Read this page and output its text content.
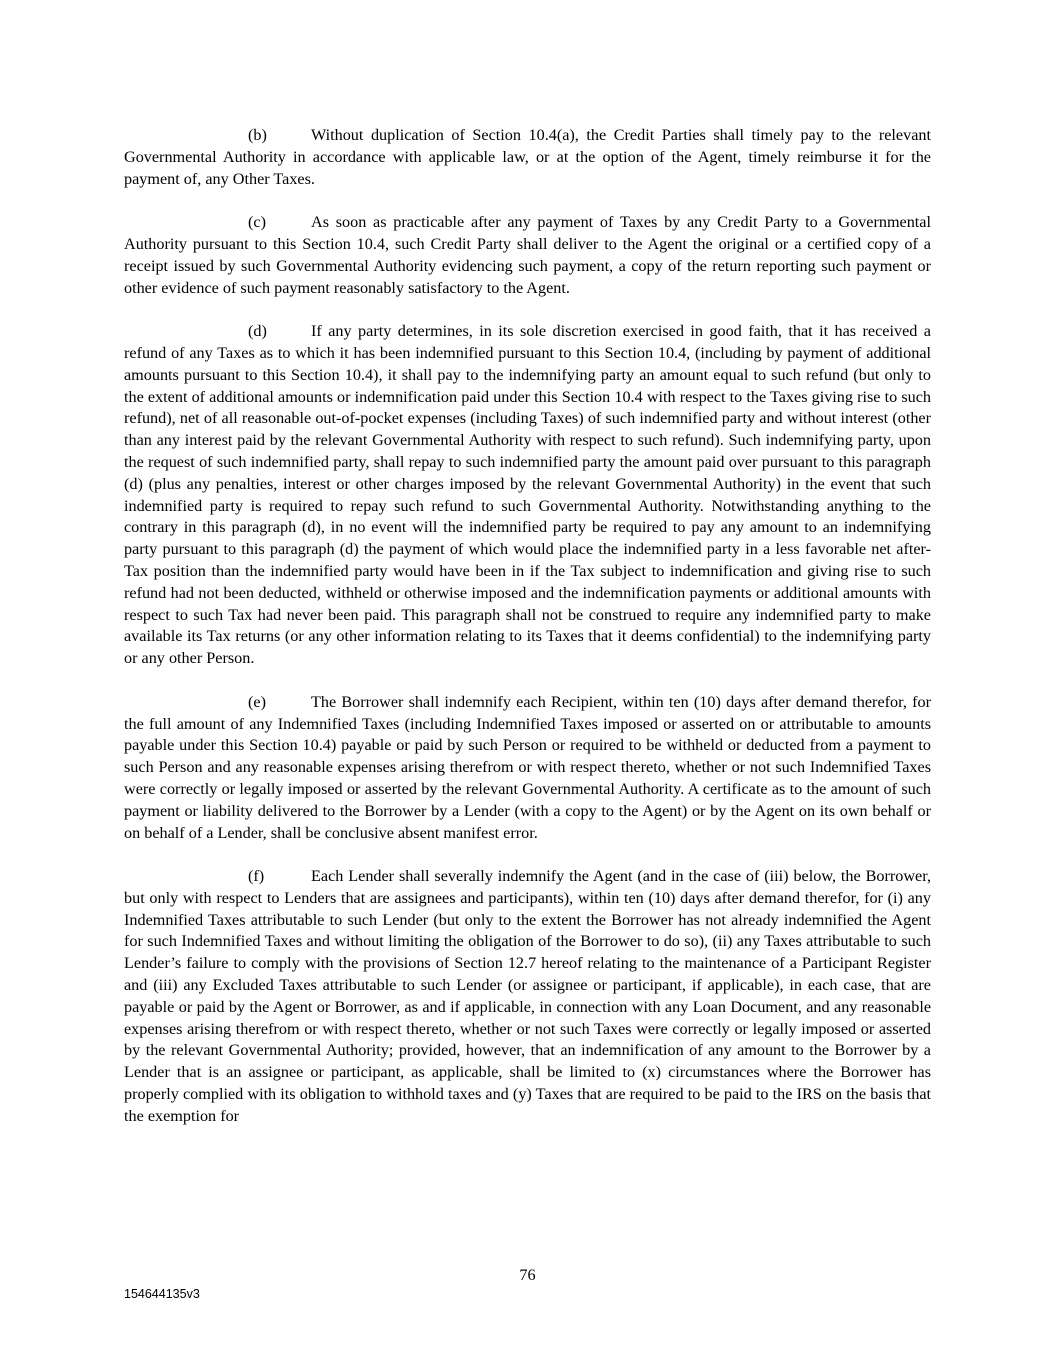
(b)	Without duplication of Section 10.4(a), the Credit Parties shall timely pay to the relevant Governmental Authority in accordance with applicable law, or at the option of the Agent, timely reimburse it for the payment of, any Other Taxes.

(c)	As soon as practicable after any payment of Taxes by any Credit Party to a Governmental Authority pursuant to this Section 10.4, such Credit Party shall deliver to the Agent the original or a certified copy of a receipt issued by such Governmental Authority evidencing such payment, a copy of the return reporting such payment or other evidence of such payment reasonably satisfactory to the Agent.

(d)	If any party determines, in its sole discretion exercised in good faith, that it has received a refund of any Taxes as to which it has been indemnified pursuant to this Section 10.4, (including by payment of additional amounts pursuant to this Section 10.4), it shall pay to the indemnifying party an amount equal to such refund (but only to the extent of additional amounts or indemnification paid under this Section 10.4 with respect to the Taxes giving rise to such refund), net of all reasonable out-of-pocket expenses (including Taxes) of such indemnified party and without interest (other than any interest paid by the relevant Governmental Authority with respect to such refund). Such indemnifying party, upon the request of such indemnified party, shall repay to such indemnified party the amount paid over pursuant to this paragraph (d) (plus any penalties, interest or other charges imposed by the relevant Governmental Authority) in the event that such indemnified party is required to repay such refund to such Governmental Authority. Notwithstanding anything to the contrary in this paragraph (d), in no event will the indemnified party be required to pay any amount to an indemnifying party pursuant to this paragraph (d) the payment of which would place the indemnified party in a less favorable net after-Tax position than the indemnified party would have been in if the Tax subject to indemnification and giving rise to such refund had not been deducted, withheld or otherwise imposed and the indemnification payments or additional amounts with respect to such Tax had never been paid. This paragraph shall not be construed to require any indemnified party to make available its Tax returns (or any other information relating to its Taxes that it deems confidential) to the indemnifying party or any other Person.

(e)	The Borrower shall indemnify each Recipient, within ten (10) days after demand therefor, for the full amount of any Indemnified Taxes (including Indemnified Taxes imposed or asserted on or attributable to amounts payable under this Section 10.4) payable or paid by such Person or required to be withheld or deducted from a payment to such Person and any reasonable expenses arising therefrom or with respect thereto, whether or not such Indemnified Taxes were correctly or legally imposed or asserted by the relevant Governmental Authority. A certificate as to the amount of such payment or liability delivered to the Borrower by a Lender (with a copy to the Agent) or by the Agent on its own behalf or on behalf of a Lender, shall be conclusive absent manifest error.

(f)	Each Lender shall severally indemnify the Agent (and in the case of (iii) below, the Borrower, but only with respect to Lenders that are assignees and participants), within ten (10) days after demand therefor, for (i) any Indemnified Taxes attributable to such Lender (but only to the extent the Borrower has not already indemnified the Agent for such Indemnified Taxes and without limiting the obligation of the Borrower to do so), (ii) any Taxes attributable to such Lender’s failure to comply with the provisions of Section 12.7 hereof relating to the maintenance of a Participant Register and (iii) any Excluded Taxes attributable to such Lender (or assignee or participant, if applicable), in each case, that are payable or paid by the Agent or Borrower, as and if applicable, in connection with any Loan Document, and any reasonable expenses arising therefrom or with respect thereto, whether or not such Taxes were correctly or legally imposed or asserted by the relevant Governmental Authority; provided, however, that an indemnification of any amount to the Borrower by a Lender that is an assignee or participant, as applicable, shall be limited to (x) circumstances where the Borrower has properly complied with its obligation to withhold taxes and (y) Taxes that are required to be paid to the IRS on the basis that the exemption for

76
154644135v3
